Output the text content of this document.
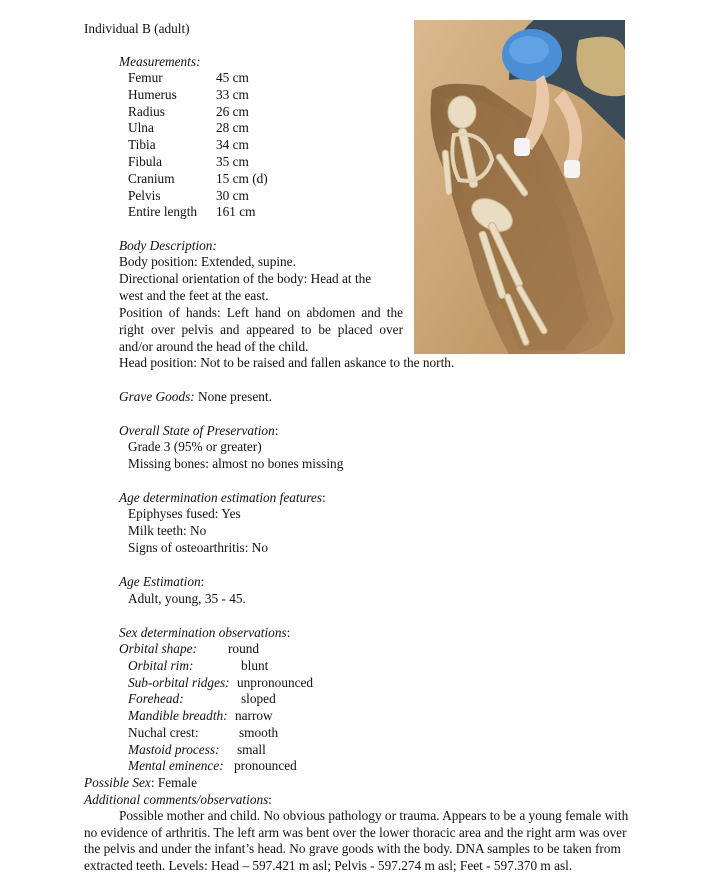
Individual B (adult)
Measurements:
Femur	45 cm
Humerus	33 cm
Radius	26 cm
Ulna	28 cm
Tibia	34 cm
Fibula	35 cm
Cranium	15 cm (d)
Pelvis	30 cm
Entire length	161 cm
Body Description:
Body position: Extended, supine.
Directional orientation of the body: Head at the
west and the feet at the east.
Position of hands: Left hand on abdomen and the
right over pelvis and appeared to be placed over
and/or around the head of the child.
Head position: Not to be raised and fallen askance to the north.
Grave Goods: None present.
Overall State of Preservation:
Grade 3 (95% or greater)
Missing bones: almost no bones missing
Age determination estimation features:
Epiphyses fused: Yes
Milk teeth: No
Signs of osteoarthritis: No
Age Estimation:
Adult, young, 35 - 45.
Sex determination observations:
Orbital shape: round
Orbital rim:	blunt
Sub-orbital ridges: unpronounced
Forehead:	sloped
Mandible breadth: narrow
Nuchal crest:	smooth
Mastoid process: small
Mental eminence: pronounced
Possible Sex: Female
Additional comments/observations:
Possible mother and child. No obvious pathology or trauma. Appears to be a young female with
no evidence of arthritis. The left arm was bent over the lower thoracic area and the right arm was over
the pelvis and under the infant’s head. No grave goods with the body. DNA samples to be taken from
extracted teeth. Levels: Head – 597.421 m asl; Pelvis - 597.274 m asl; Feet - 597.370 m asl.
